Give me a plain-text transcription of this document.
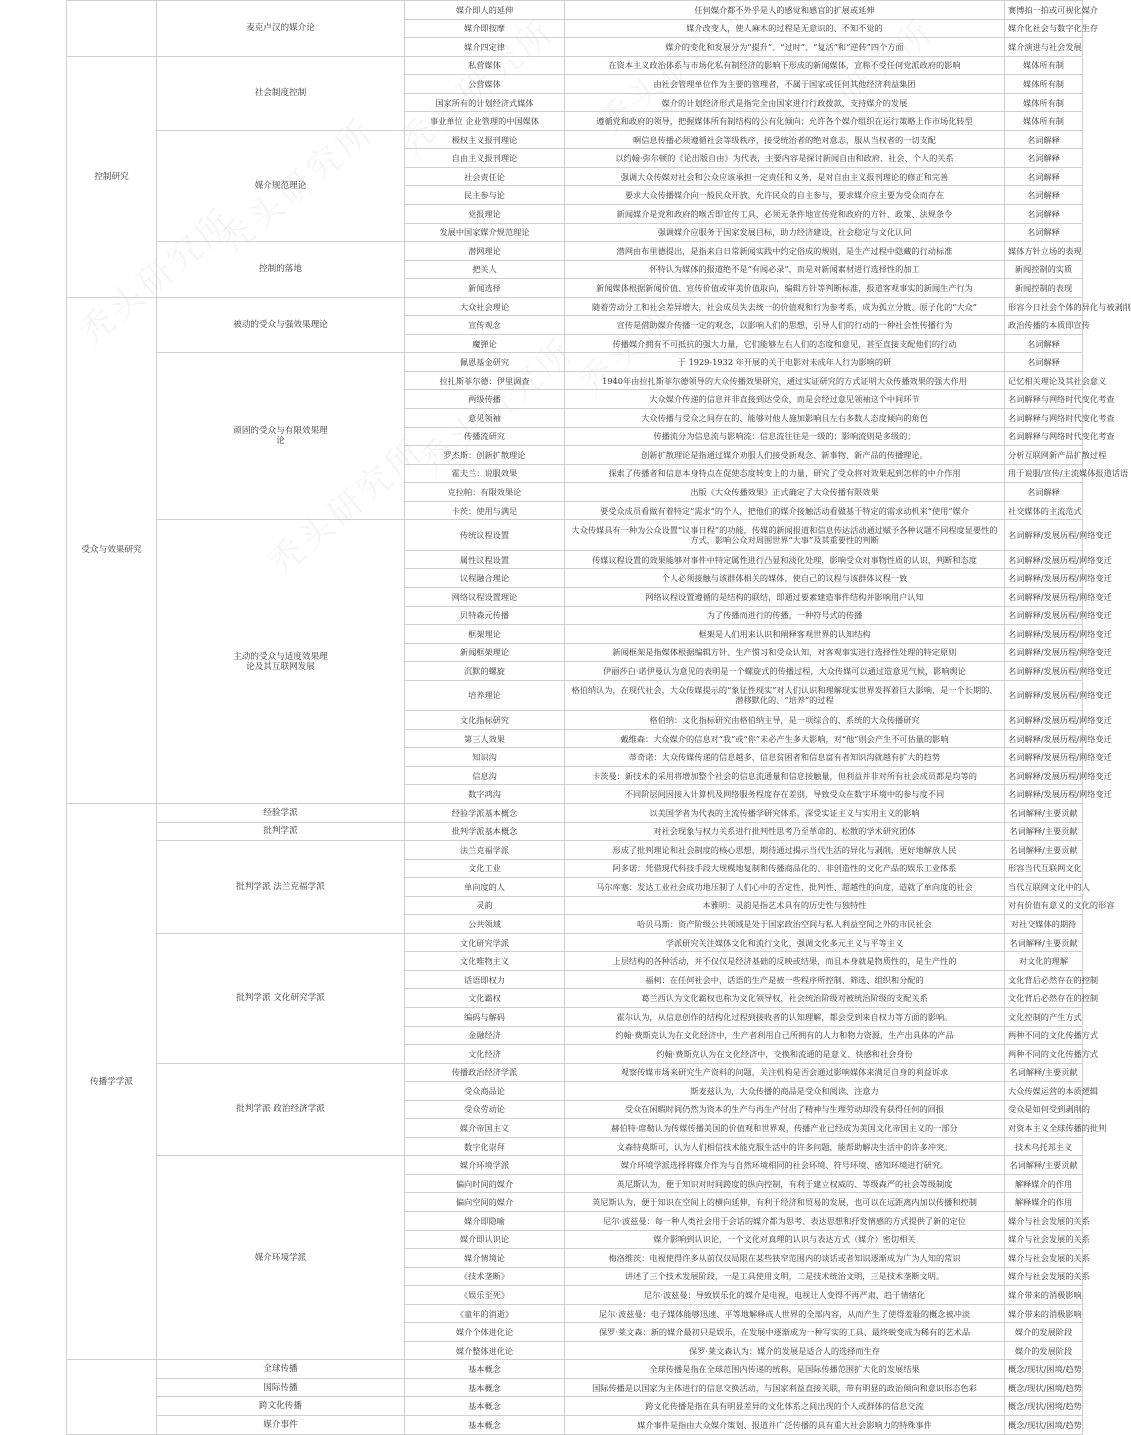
	麦克卢汉的媒介论	媒介即人的延伸	任何媒介都不外乎是人的感觉和感官的扩展或延伸	赛博拍一拍或可视化媒介
		媒介即按摩	媒介改变人，使人麻木的过程是无意识的、不知不觉的	媒介化社会与数字化生存
		媒介四定律	媒介的变化和发展分为“提升”、“过时”、“复活”和“逆转”四个方面	媒介演进与社会发展
控制研究	社会制度控制	私营媒体	在资本主义政治体系与市场化私有制经济的影响下形成的新闻媒体，宣称不受任何党派政府的影响	媒体所有制
		公营媒体	由社会管理单位作为主要的管理者，不属于国家或任何其他经济利益集团	媒体所有制
		国家所有的计划经济式媒体	媒介的计划经济形式是指完全由国家进行行政拨款，支持媒介的发展	媒体所有制
		事业单位 企业管理的中国媒体	遵循党和政府的领导，把握媒体所有制结构的公有化倾向；允许各个媒介组织在运行策略上作市场化转型	媒体所有制
	媒介规范理论	极权主义报刊理论	啊信息传播必须遵循社会等级秩序，接受统治者的绝对意志，服从当权者的一切支配	名词解释
		自由主义报刊理论	以约翰·弥尔顿的《论出版自由》为代表，主要内容是探讨新闻自由和政府、社会、个人的关系	名词解释
		社会责任论	强调大众传媒对社会和公众应该承担一定责任和义务，是对自由主义报刊理论的修正和完善	名词解释
		民主参与论	要求大众传播媒介向一般民众开放，允许民众的自主参与，要求媒介应主要为受众而存在	名词解释
		党报理论	新闻媒介是党和政府的喉舌即宣传工具，必须无条件地宣传党和政府的方针、政策、法规条令	名词解释
		发展中国家媒介规范理论	强调媒介应服务于国家发展目标，助力经济建设，社会稳定与文化认同	名词解释
	控制的落地	潜网理论	潜网由布里德提出，是指来自日常新闻实践中约定俗成的规则，是生产过程中隐藏的行动标准	媒体方针立场的表现
		把关人	怀特认为媒体的报道绝不是“有闻必录”，而是对新闻素材进行选择性的加工	新闻控制的实质
		新闻选择	新闻媒体根据新闻价值、宣传价值或审美价值取向，编辑方针等判断标准，报道客观事实的新闻生产行为	新闻控制的表现
受众与效果研究	被动的受众与强效果理论	大众社会理论	随着劳动分工和社会差异增大，社会成员失去统一的价值观和行为参考系，成为孤立分散、原子化的“大众”	形容今日社会个体的异化与被剥削
		宣传观念	宣传是借助媒介传播一定的观念，以影响人们的思想，引导人们的行动的一种社会性传播行为	政治传播的本质即宣传
		魔弹论	传播媒介拥有不可抵抗的强大力量，它们能够左右人们的态度和意见，甚至直接支配他们的行动	名词解释
	顽固的受众与有限效果理论	佩恩基金研究	于 1929-1932 年开展的关于电影对未成年人行为影响的研	名词解释
		拉扎斯菲尔德：伊里调查	1940年由拉扎斯菲尔德领导的大众传播效果研究，通过实证研究的方式证明大众传播效果的强大作用	记忆相关理论及其社会意义
		两级传播	大众媒介传递的信息并非直接到达受众，而是会经过意见领袖这个中间环节	名词解释与网络时代变化考查
		意见领袖	大众传播与受众之间存在的、能够对他人施加影响且左右多数人态度倾向的角色	名词解释与网络时代变化考查
		传播流研究	传播流分为信息流与影响流：信息流往往是一级的；影响流则是多级的；	名词解释与网络时代变化考查
		罗杰斯：创新扩散理论	创新扩散理论是指通过媒介劝服人们接受新观念、新事物、新产品的传播理论。	分析互联网新产品扩散过程
		霍夫兰：说服效果	探索了传播者和信息本身特点在促使态度转变上的力量，研究了受众将对效果起到怎样的中介作用	用于说服/宣传/主流媒体报道话语
		克拉帕：有限效果论	出版《大众传播效果》正式确定了大众传播有限效果	名词解释
		卡茨：使用与满足	要受众成员看做有着特定“需求”的个人，把他们的媒介接触活动看做基于特定的需求动机来“使用”媒介	社交媒体的主流范式
	主动的受众与适度效果理论及其互联网发展	传统议程设置	大众传媒具有一种为公众设置“议事日程”的功能，传媒的新闻报道和信息传达活动通过赋予各种议题不同程度显要性的方式，影响公众对周围世界“大事”及其重要性的判断	名词解释/发展历程/网络变迁
		属性议程设置	传媒议程设置的效果能够对事件中特定属性进行凸显和淡化处理，影响受众对事物性质的认识、判断和态度	名词解释/发展历程/网络变迁
		议程融合理论	个人必须接触与该群体相关的媒体，使自己的议程与该群体议程一致	名词解释/发展历程/网络变迁
		网络议程设置理论	网络议程设置遵循的是结构的联结，即通过要素建造事件结构并影响用户认知	名词解释/发展历程/网络变迁
		贝特森元传播	为了传播而进行的传播，一种符号式的传播	名词解释/发展历程/网络变迁
		框架理论	框架是人们用来认识和阐释客观世界的认知结构	名词解释/发展历程/网络变迁
		新闻框架理论	新闻框架是指媒体根据编辑方针、生产惯习和受众认知，对客观事实进行选择性处理的特定原则	名词解释/发展历程/网络变迁
		沉默的螺旋	伊丽莎白·诺伊曼认为意见的表明是一个螺旋式的传播过程，大众传媒可以通过造意见气候，影响舆论	名词解释/发展历程/网络变迁
		培养理论	格伯纳认为，在现代社会，大众传媒提示的“象征性现实”对人们认识和理解现实世界发挥着巨大影响，是一个长期的、潜移默化的、“培养”的过程	名词解释/发展历程/网络变迁
		文化指标研究	格伯纳：文化指标研究由格伯纳主导，是一项综合的、系统的大众传播研究	名词解释/发展历程/网络变迁
		第三人效果	戴维森：大众媒介的信息对“我”或“你”未必产生多大影响，对“他”则会产生不可估量的影响	名词解释/发展历程/网络变迁
		知识沟	蒂奇诺：大众传媒传递的信息越多，信息贫困者和信息富有者知识沟就越有扩大的趋势	名词解释/发展历程/网络变迁
		信息沟	卡茨曼：新技术的采用将增加整个社会的信息流通量和信息接触量，但利益并非对所有社会成员都是均等的	名词解释/发展历程/网络变迁
		数字鸿沟	不同阶层间因接入计算机及网络服务程度存在差别，导致受众在数字环境中的参与度不同	名词解释/发展历程/网络变迁
传播学学派	经验学派	经验学派基本概念	以美国学者为代表的主流传播学研究体系，深受实证主义与实用主义的影响	名词解释/主要贡献
	批判学派	批判学派基本概念	对社会现象与权力关系进行批判性思考乃至革命的、松散的学术研究团体	名词解释/主要贡献
	批判学派 法兰克福学派	法兰克福学派	形成了批判理论和社会制度的核心思想，期待通过揭示当代生活的异化与剥削，更好地解放人民	名词解释/主要贡献
		文化工业	阿多诺：凭借现代科技手段大规模地复制和传播商品化的、非创造性的文化产品的娱乐工业体系	形容当代互联网文化
		单向度的人	马尔库塞：发达工业社会成功地压制了人们心中的否定性、批判性、超越性的向度，造就了单向度的社会	当代互联网文化中的人
		灵韵	本雅明：灵韵是指艺术具有的历史性与独特性	对有价值有意义的文化的形容
		公共领域	哈贝马斯：资产阶级公共领域是处于国家政治空间与私人利益空间之外的市民社会	对社交媒体的期待
	批判学派 文化研究学派	文化研究学派	学派研究关注媒体文化和流行文化，强调文化多元主义与平等主义	名词解释/主要贡献
		文化唯物主义	上层结构的各种活动，并不仅仅是经济基础的反映或结果，而且本身就是物质性的，是生产性的	对文化的理解
		话语即权力	福柯：在任何社会中，话语的生产是被一些程序所控制、筛选、组织和分配的	文化背后必然存在的控制
		文化霸权	葛兰西认为文化霸权也称为文化领导权，社会统治阶级对被统治阶级的支配关系	文化背后必然存在的控制
		编码与解码	霍尔认为，从信息创作的结构化过程到接收者的认知理解，都会受到来自权力等方面的影响。	文化控制的产生方式
		金融经济	约翰·费斯克认为在文化经济中，生产者利用自己所拥有的人力和物力资源，生产出具体的产品	两种不同的文化传播方式
		文化经济	约翰·费斯克认为在文化经济中，交换和流通的是意义、快感和社会身份	两种不同的文化传播方式
	批判学派 政治经济学派	传播政治经济学派	观察传媒市场来研究生产资料的问题，关注机构是否会通过影响媒体来满足自身的利益诉求	名词解释/主要贡献
		受众商品论	斯麦兹认为，大众传播的商品是受众和阅读、注意力	大众传媒运营的本质逻辑
		受众劳动论	受众在闲暇时间仍然为资本的生产与再生产付出了精神与生理劳动却没有获得任何的回报	受众是如何受到剥削的
		媒介帝国主义	赫伯特·席勒认为传媒传播美国的价值观和世界观，传播产业已经成为美国文化帝国主义的一部分	对资本主义全球传播的批判
		数字化崇拜	文森特莫斯可，认为人们相信技术能克服生活中的许多问题，能帮助解决生活中的许多冲突。	技术乌托邦主义
	媒介环境学派	媒介环境学派	媒介环境学派选择将媒介作为与自然环境相同的社会环境、符号环境、感知环境进行研究。	名词解释/主要贡献
		偏向时间的媒介	英尼斯认为，便于知识对时间跨度的纵向控制，有利于建立权威的、等级森严的社会等级制度	解释媒介的作用
		偏向空间的媒介	英尼斯认为，便于知识在空间上的横向延伸，有利于经济和贸易的发展，也可以在远距离内加以传播和控制	解释媒介的作用
		媒介即隐喻	尼尔·波兹曼：每一种人类社会用于会话的媒介都为思考、表达思想和抒发情感的方式提供了新的定位	媒介与社会发展的关系
		媒介即认识论	媒介影响到认识论，一个文化对真理的认识与表达方式（媒介）密切相关	媒介与社会发展的关系
		媒介情境论	梅洛维茨：电视使得许多从前仅仅局限在某些狭窄范围内的谈话或者知识逐渐成为广为人知的常识	媒介与社会发展的关系
		《技术垄断》	讲述了三个技术发展阶段，一是工具使用文明，二是技术统治文明，三是技术垄断文明。	媒介与社会发展的关系
		《娱乐至死》	尼尔·波兹曼：导致娱乐化的媒介是电视，电视让人变得不再严肃，趋于情绪化	媒介带来的消极影响
		《童年的消逝》	尼尔·波兹曼：电子媒体能够迅速、平等地解释成人世界的全部内容，从而产生了使得羞耻的概念被冲淡	媒介带来的消极影响
		媒介个体进化论	保罗·莱文森：新的媒介最初只是娱乐，在发展中逐渐成为一种写实的工具、最终蜕变成为稀有的艺术品	媒介的发展阶段
		媒介整体进化论	保罗·莱文森认为：媒介的发展是适合人的选择而生存	媒介的发展阶段
	全球传播	基本概念	全球传播是指在全球范围内传递的统称，是国际传播范围扩大化的发展结果	概念/现状/困境/趋势
	国际传播	基本概念	国际传播是以国家为主体进行的信息交换活动，与国家利益直接关联，带有明显的政治倾向和意识形态色彩	概念/现状/困境/趋势
	跨文化传播	基本概念	跨文化传播是指在具有明显差异的文化体系之间出现的个人或群体的信息交流	概念/现状/困境/趋势
	媒介事件	基本概念	媒介事件是指由大众媒介策划、报道并广泛传播的具有重大社会影响力的特殊事件	概念/现状/困境/趋势
